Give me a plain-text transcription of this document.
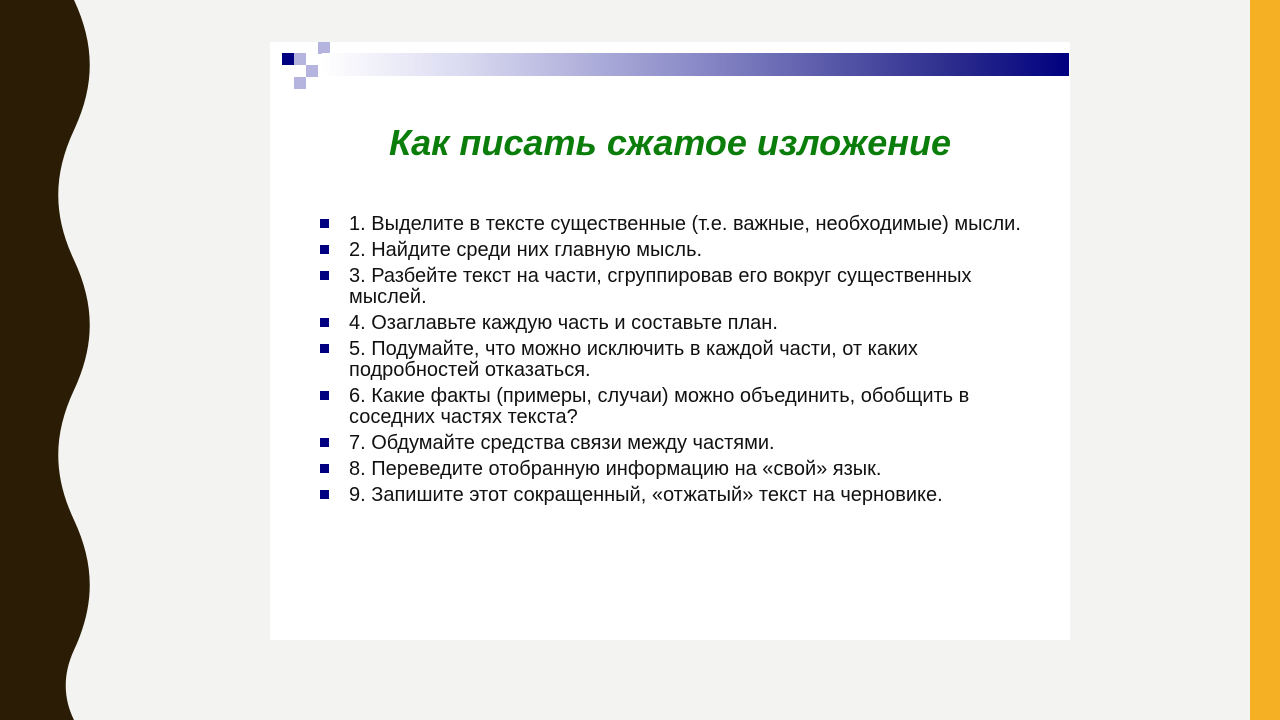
Как писать сжатое изложение
1. Выделите в тексте существенные (т.е. важные, необходимые) мысли.
2. Найдите среди них главную мысль.
3. Разбейте текст на части, сгруппировав его вокруг существенных мыслей.
4. Озаглавьте каждую часть и составьте план.
5. Подумайте, что можно исключить в каждой части, от каких подробностей отказаться.
6. Какие факты (примеры, случаи) можно объединить, обобщить в соседних частях текста?
7. Обдумайте средства связи между частями.
8. Переведите отобранную информацию на «свой» язык.
9. Запишите этот сокращенный, «отжатый» текст на черновике.
